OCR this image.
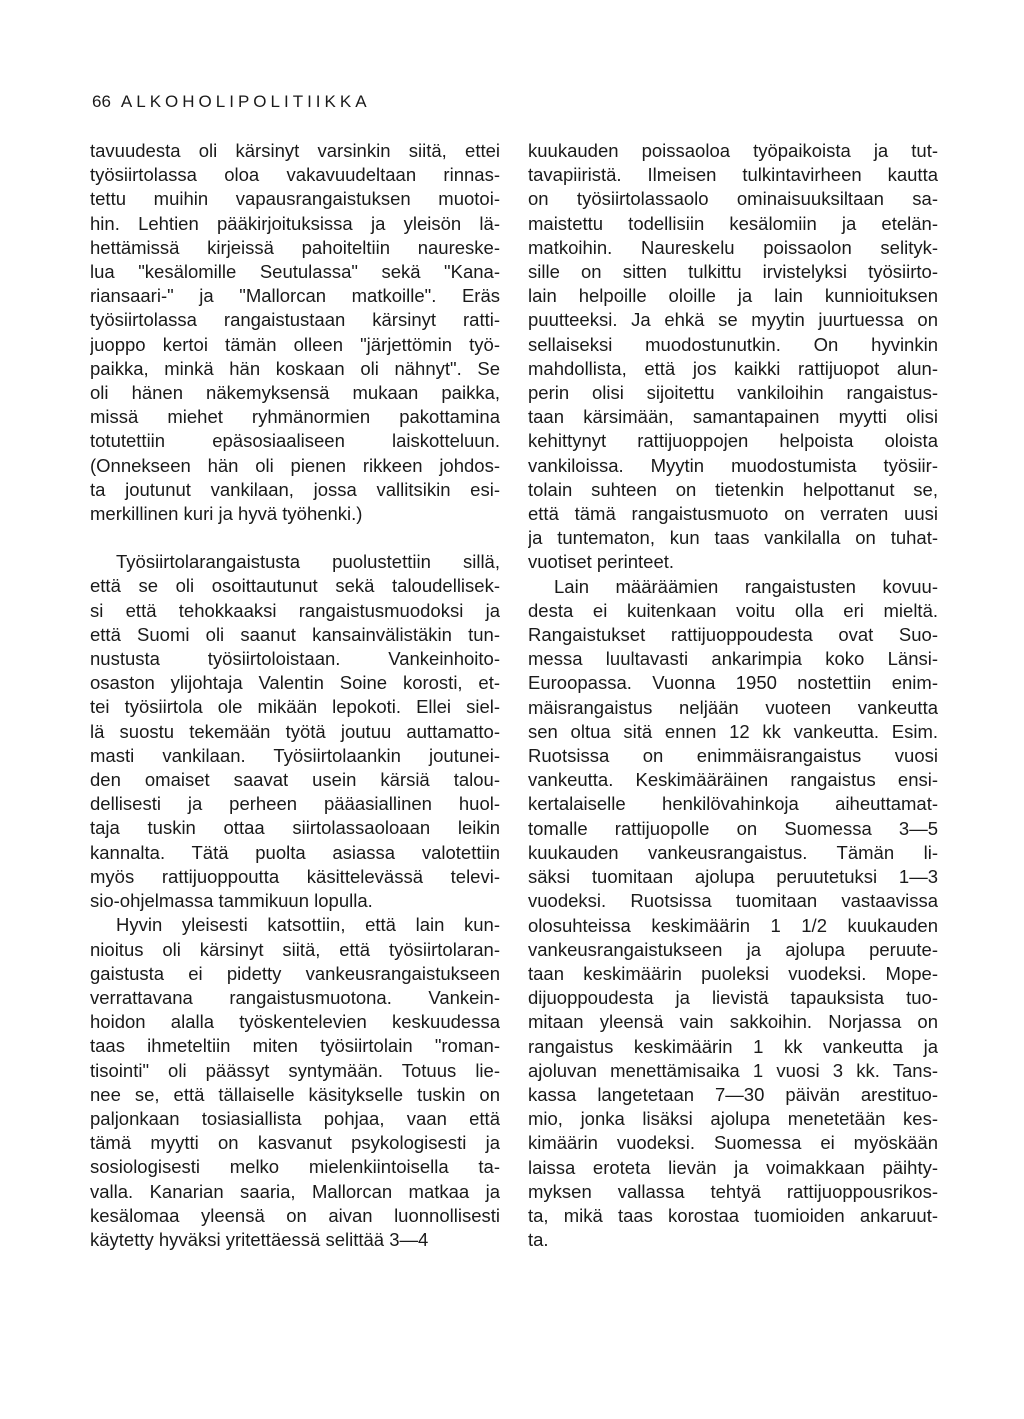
66 ALKOHOLIPOLITIIKKA
tavuudesta oli kärsinyt varsinkin siitä, ettei
työsiirtolassa oloa vakavuudeltaan rinnas-
tettu muihin vapausrangaistuksen muotoi-
hin. Lehtien pääkirjoituksissa ja yleisön lä-
hettämissä kirjeissä pahoiteltiin naureske-
lua "kesälomille Seutulassa" sekä "Kana-
riansaari-" ja "Mallorcan matkoille". Eräs
työsiirtolassa rangaistustaan kärsinyt ratti-
juoppo kertoi tämän olleen "järjettömin työ-
paikka, minkä hän koskaan oli nähnyt". Se
oli hänen näkemyksensä mukaan paikka,
missä miehet ryhmänormien pakottamina
totutettiin epäsosiaaliseen laiskotteluun.
(Onnekseen hän oli pienen rikkeen johdos-
ta joutunut vankilaan, jossa vallitsikin esi-
merkillinen kuri ja hyvä työhenki.)
Työsiirtolarangaistusta puolustettiin sillä,
että se oli osoittautunut sekä taloudellisek-
si että tehokkaaksi rangaistusmuodoksi ja
että Suomi oli saanut kansainvälistäkin tun-
nustusta työsiirtoloistaan. Vankeinhoito-
osaston ylijohtaja Valentin Soine korosti, et-
tei työsiirtola ole mikään lepokoti. Ellei siel-
lä suostu tekemään työtä joutuu auttamatto-
masti vankilaan. Työsiirtolaankin joutunei-
den omaiset saavat usein kärsiä talou-
dellisesti ja perheen pääasiallinen huol-
taja tuskin ottaa siirtolassaoloaan leikin
kannalta. Tätä puolta asiassa valotettiin
myös rattijuoppoutta käsittelevässä televi-
sio-ohjelmassa tammikuun lopulla.
Hyvin yleisesti katsottiin, että lain kun-
nioitus oli kärsinyt siitä, että työsiirtolaran-
gaistusta ei pidetty vankeusrangaistukseen
verrattavana rangaistusmuotona. Vankein-
hoidon alalla työskentelevien keskuudessa
taas ihmeteltiin miten työsiirtolain "roman-
tisointi" oli päässyt syntymään. Totuus lie-
nee se, että tällaiselle käsitykselle tuskin on
paljonkaan tosiasiallista pohjaa, vaan että
tämä myytti on kasvanut psykologisesti ja
sosiologisesti melko mielenkiintoisella ta-
valla. Kanarian saaria, Mallorcan matkaa ja
kesälomaa yleensä on aivan luonnollisesti
käytetty hyväksi yritettäessä selittää 3—4
kuukauden poissaoloa työpaikoista ja tut-
tavapiiristä. Ilmeisen tulkintavirheen kautta
on työsiirtolassaolo ominaisuuksiltaan sa-
maistettu todellisiin kesälomiin ja etelän-
matkoihin. Naureskelu poissaolon selityk-
sille on sitten tulkittu irvistelyksi työsiirto-
lain helpoille oloille ja lain kunnioituksen
puutteeksi. Ja ehkä se myytin juurtuessa on
sellaiseksi muodostunutkin. On hyvinkin
mahdollista, että jos kaikki rattijuopot alun-
perin olisi sijoitettu vankiloihin rangaistus-
taan kärsimään, samantapainen myytti olisi
kehittynyt rattijuoppojen helpoista oloista
vankiloissa. Myytin muodostumista työsiir-
tolain suhteen on tietenkin helpottanut se,
että tämä rangaistusmuoto on verraten uusi
ja tuntematon, kun taas vankilalla on tuhat-
vuotiset perinteet.
Lain määräämien rangaistusten kovuu-
desta ei kuitenkaan voitu olla eri mieltä.
Rangaistukset rattijuoppoudesta ovat Suo-
messa luultavasti ankarimpia koko Länsi-
Euroopassa. Vuonna 1950 nostettiin enim-
mäisrangaistus neljään vuoteen vankeutta
sen oltua sitä ennen 12 kk vankeutta. Esim.
Ruotsissa on enimmäisrangaistus vuosi
vankeutta. Keskimääräinen rangaistus ensi-
kertalaiselle henkilövahinkoja aiheuttamat-
tomalle rattijuopolle on Suomessa 3—5
kuukauden vankeusrangaistus. Tämän li-
säksi tuomitaan ajolupa peruutetuksi 1—3
vuodeksi. Ruotsissa tuomitaan vastaavissa
olosuhteissa keskimäärin 1 1/2 kuukauden
vankeusrangaistukseen ja ajolupa peruute-
taan keskimäärin puoleksi vuodeksi. Mope-
dijuoppoudesta ja lievistä tapauksista tuo-
mitaan yleensä vain sakkoihin. Norjassa on
rangaistus keskimäärin 1 kk vankeutta ja
ajoluvan menettämisaika 1 vuosi 3 kk. Tans-
kassa langetetaan 7—30 päivän arestituo-
mio, jonka lisäksi ajolupa menetetään kes-
kimäärin vuodeksi. Suomessa ei myöskään
laissa eroteta lievän ja voimakkaan päihty-
myksen vallassa tehtyä rattijuoppousrikos-
ta, mikä taas korostaa tuomioiden ankaruut-
ta.
